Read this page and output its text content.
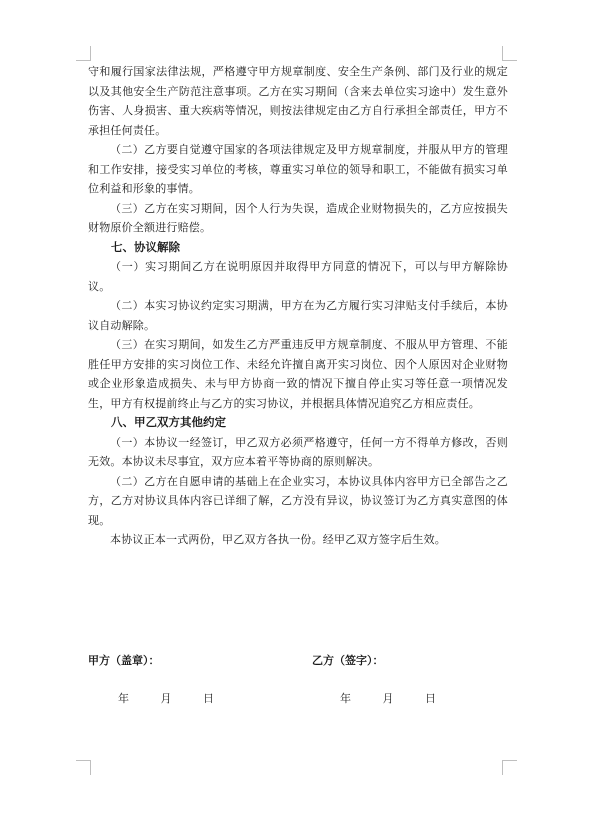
守和履行国家法律法规，严格遵守甲方规章制度、安全生产条例、部门及行业的规定以及其他安全生产防范注意事项。乙方在实习期间（含来去单位实习途中）发生意外伤害、人身损害、重大疾病等情况，则按法律规定由乙方自行承担全部责任，甲方不承担任何责任。

（二）乙方要自觉遵守国家的各项法律规定及甲方规章制度，并服从甲方的管理和工作安排，接受实习单位的考核，尊重实习单位的领导和职工，不能做有损实习单位利益和形象的事情。

（三）乙方在实习期间，因个人行为失误，造成企业财物损失的，乙方应按损失财物原价全额进行赔偿。

七、协议解除

（一）实习期间乙方在说明原因并取得甲方同意的情况下，可以与甲方解除协议。

（二）本实习协议约定实习期满，甲方在为乙方履行实习津贴支付手续后，本协议自动解除。

（三）在实习期间，如发生乙方严重违反甲方规章制度、不服从甲方管理、不能胜任甲方安排的实习岗位工作、未经允许擅自离开实习岗位、因个人原因对企业财物或企业形象造成损失、未与甲方协商一致的情况下擅自停止实习等任意一项情况发生，甲方有权提前终止与乙方的实习协议，并根据具体情况追究乙方相应责任。

八、甲乙双方其他约定

（一）本协议一经签订，甲乙双方必须严格遵守，任何一方不得单方修改，否则无效。本协议未尽事宜，双方应本着平等协商的原则解决。

（二）乙方在自愿申请的基础上在企业实习，本协议具体内容甲方已全部告之乙方，乙方对协议具体内容已详细了解，乙方没有异议，协议签订为乙方真实意图的体现。

本协议正本一式两份，甲乙双方各执一份。经甲乙双方签字后生效。

甲方（盖章）：	乙方（签字）：
年 月 日	年 月 日
